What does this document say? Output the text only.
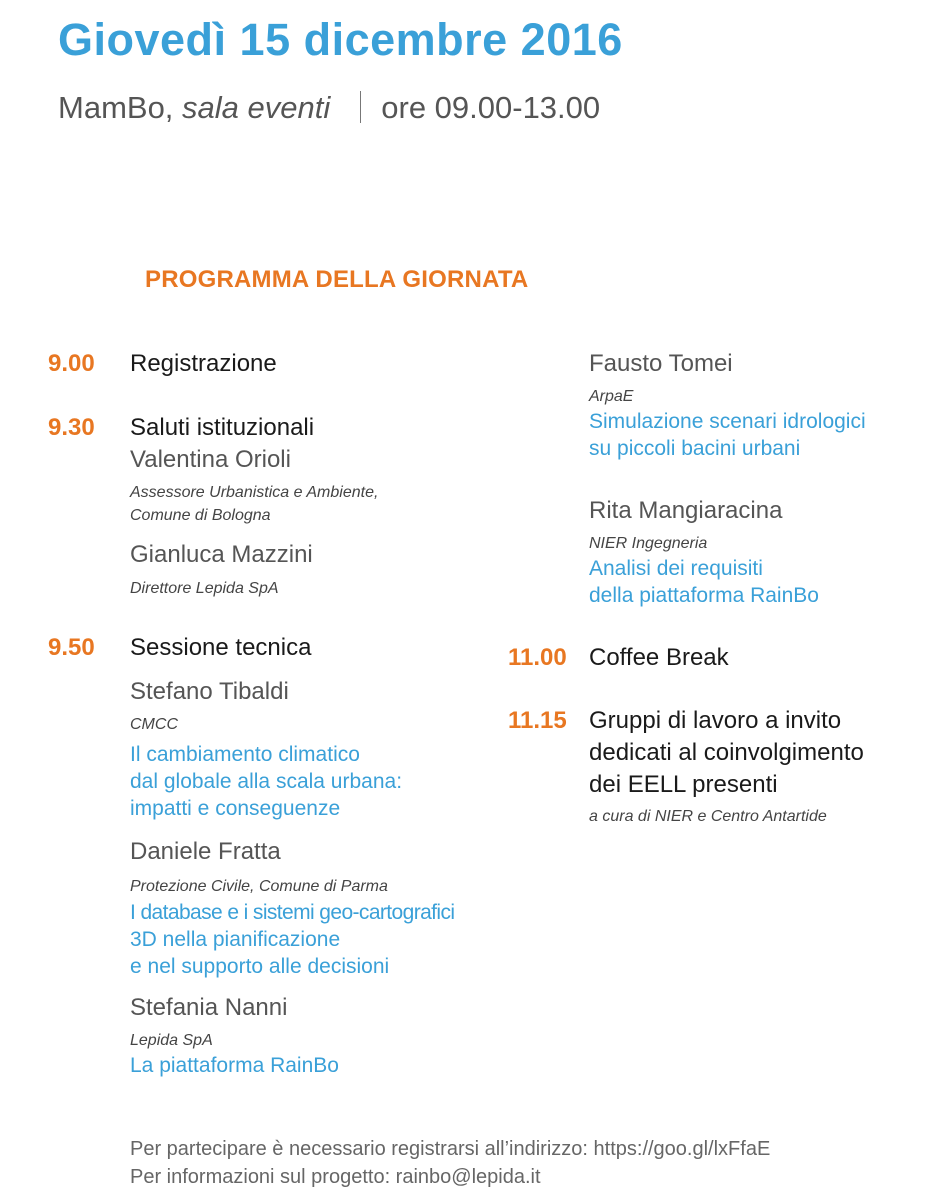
Giovedì 15 dicembre 2016
MamBo, sala eventi ore 09.00-13.00
PROGRAMMA DELLA GIORNATA
9.00 Registrazione
9.30 Saluti istituzionali
Valentina Orioli
Assessore Urbanistica e Ambiente,
Comune di Bologna
Gianluca Mazzini
Direttore Lepida SpA
9.50 Sessione tecnica
Stefano Tibaldi
CMCC
Il cambiamento climatico
dal globale alla scala urbana:
impatti e conseguenze
Daniele Fratta
Protezione Civile, Comune di Parma
I database e i sistemi geo-cartografici
3D nella pianificazione
e nel supporto alle decisioni
Stefania Nanni
Lepida SpA
La piattaforma RainBo
Fausto Tomei
ArpaE
Simulazione scenari idrologici
su piccoli bacini urbani
Rita Mangiaracina
NIER Ingegneria
Analisi dei requisiti
della piattaforma RainBo
11.00 Coffee Break
11.15 Gruppi di lavoro a invito
dedicati al coinvolgimento
dei EELL presenti
a cura di NIER e Centro Antartide
Per partecipare è necessario registrarsi all’indirizzo: https://goo.gl/lxFfaE
Per informazioni sul progetto: rainbo@lepida.it
